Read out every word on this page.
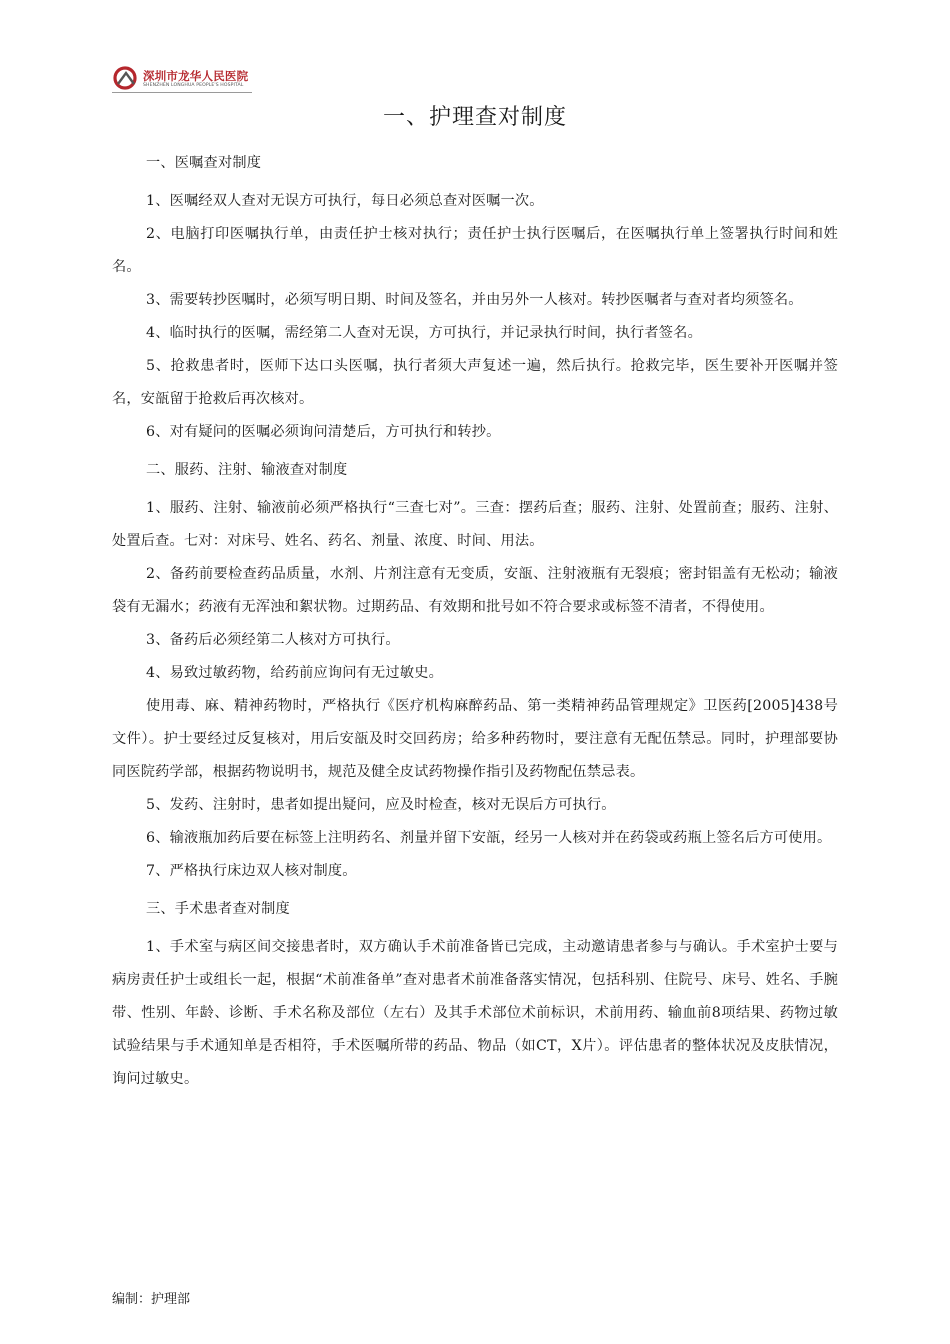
深圳市龙华人民医院
SHENZHEN LONGHUA PEOPLE'S HOSPITAL
一、护理查对制度

一、医嘱查对制度

1、医嘱经双人查对无误方可执行，每日必须总查对医嘱一次。

2、电脑打印医嘱执行单，由责任护士核对执行；责任护士执行医嘱后，在医嘱执行单上签署执行时间和姓名。

3、需要转抄医嘱时，必须写明日期、时间及签名，并由另外一人核对。转抄医嘱者与查对者均须签名。

4、临时执行的医嘱，需经第二人查对无误，方可执行，并记录执行时间，执行者签名。

5、抢救患者时，医师下达口头医嘱，执行者须大声复述一遍，然后执行。抢救完毕，医生要补开医嘱并签名，安瓿留于抢救后再次核对。

6、对有疑问的医嘱必须询问清楚后，方可执行和转抄。

二、服药、注射、输液查对制度

1、服药、注射、输液前必须严格执行“三查七对”。三查：摆药后查；服药、注射、处置前查；服药、注射、处置后查。七对：对床号、姓名、药名、剂量、浓度、时间、用法。

2、备药前要检查药品质量，水剂、片剂注意有无变质，安瓿、注射液瓶有无裂痕；密封铝盖有无松动；输液袋有无漏水；药液有无浑浊和絮状物。过期药品、有效期和批号如不符合要求或标签不清者，不得使用。

3、备药后必须经第二人核对方可执行。

4、易致过敏药物，给药前应询问有无过敏史。

使用毒、麻、精神药物时，严格执行《医疗机构麻醉药品、第一类精神药品管理规定》卫医药[2005]438号文件）。护士要经过反复核对，用后安瓿及时交回药房；给多种药物时，要注意有无配伍禁忌。同时，护理部要协同医院药学部，根据药物说明书，规范及健全皮试药物操作指引及药物配伍禁忌表。

5、发药、注射时，患者如提出疑问，应及时检查，核对无误后方可执行。

6、输液瓶加药后要在标签上注明药名、剂量并留下安瓿，经另一人核对并在药袋或药瓶上签名后方可使用。

7、严格执行床边双人核对制度。

三、手术患者查对制度

1、手术室与病区间交接患者时，双方确认手术前准备皆已完成，主动邀请患者参与与确认。手术室护士要与病房责任护士或组长一起，根据“术前准备单”查对患者术前准备落实情况，包括科别、住院号、床号、姓名、手腕带、性别、年龄、诊断、手术名称及部位（左右）及其手术部位术前标识，术前用药、输血前8项结果、药物过敏试验结果与手术通知单是否相符，手术医嘱所带的药品、物品（如CT，X片）。评估患者的整体状况及皮肤情况，询问过敏史。

编制：护理部
